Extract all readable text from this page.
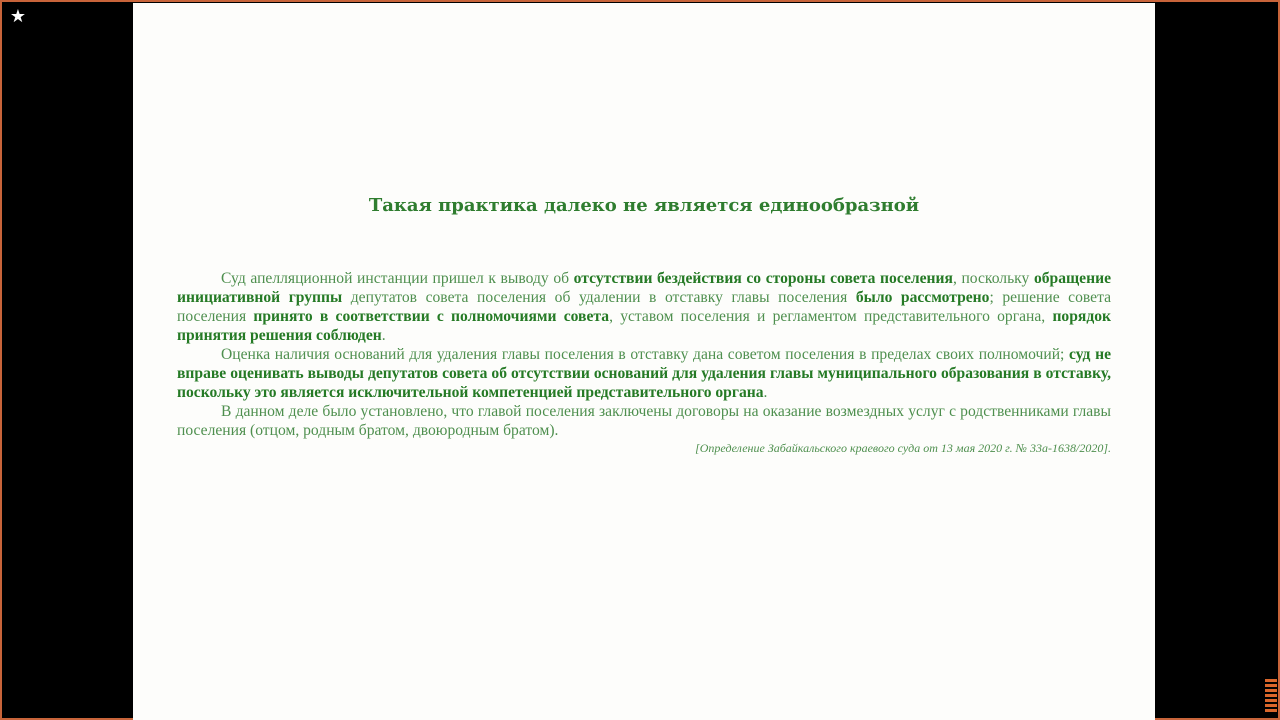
★
Такая практика далеко не является единообразной

Суд апелляционной инстанции пришел к выводу об отсутствии бездействия со стороны совета поселения, поскольку обращение инициативной группы депутатов совета поселения об удалении в отставку главы поселения было рассмотрено; решение совета поселения принято в соответствии с полномочиями совета, уставом поселения и регламентом представительного органа, порядок принятия решения соблюден.

Оценка наличия оснований для удаления главы поселения в отставку дана советом поселения в пределах своих полномочий; суд не вправе оценивать выводы депутатов совета об отсутствии оснований для удаления главы муниципального образования в отставку, поскольку это является исключительной компетенцией представительного органа.

В данном деле было установлено, что главой поселения заключены договоры на оказание возмездных услуг с родственниками главы поселения (отцом, родным братом, двоюродным братом).

[Определение Забайкальского краевого суда от 13 мая 2020 г. № 33а-1638/2020].
